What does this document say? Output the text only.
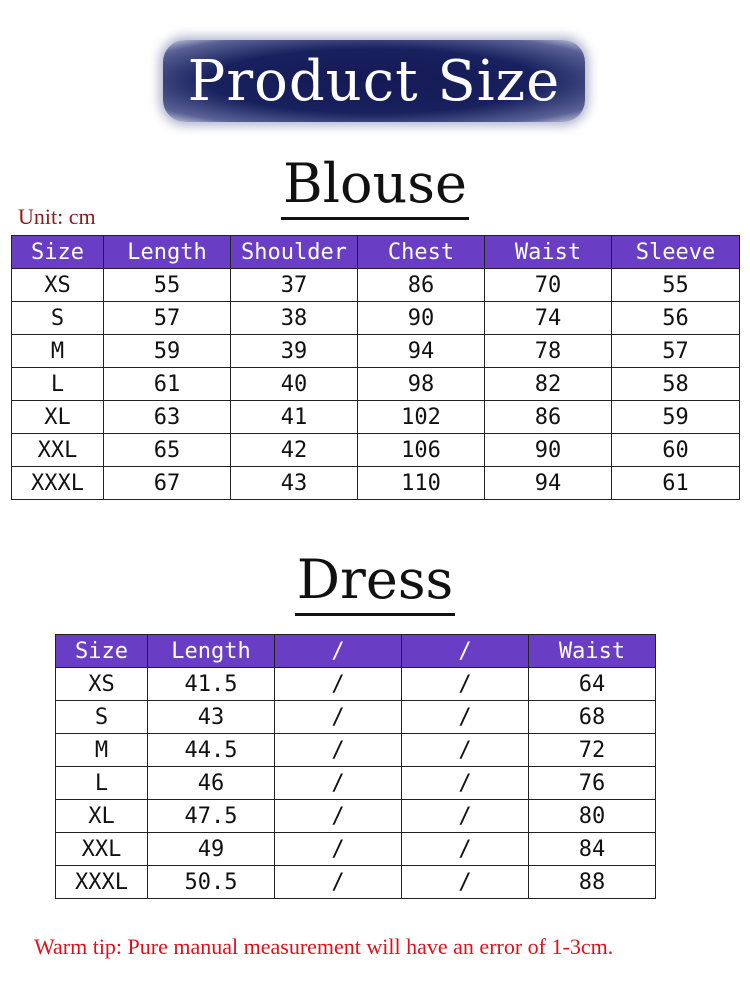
Product Size
Blouse
Unit: cm
Size	Length	Shoulder	Chest	Waist	Sleeve
XS	55	37	86	70	55
S	57	38	90	74	56
M	59	39	94	78	57
L	61	40	98	82	58
XL	63	41	102	86	59
XXL	65	42	106	90	60
XXXL	67	43	110	94	61
Dress
Size	Length	/	/	Waist
XS	41.5	/	/	64
S	43	/	/	68
M	44.5	/	/	72
L	46	/	/	76
XL	47.5	/	/	80
XXL	49	/	/	84
XXXL	50.5	/	/	88
Warm tip: Pure manual measurement will have an error of 1-3cm.
